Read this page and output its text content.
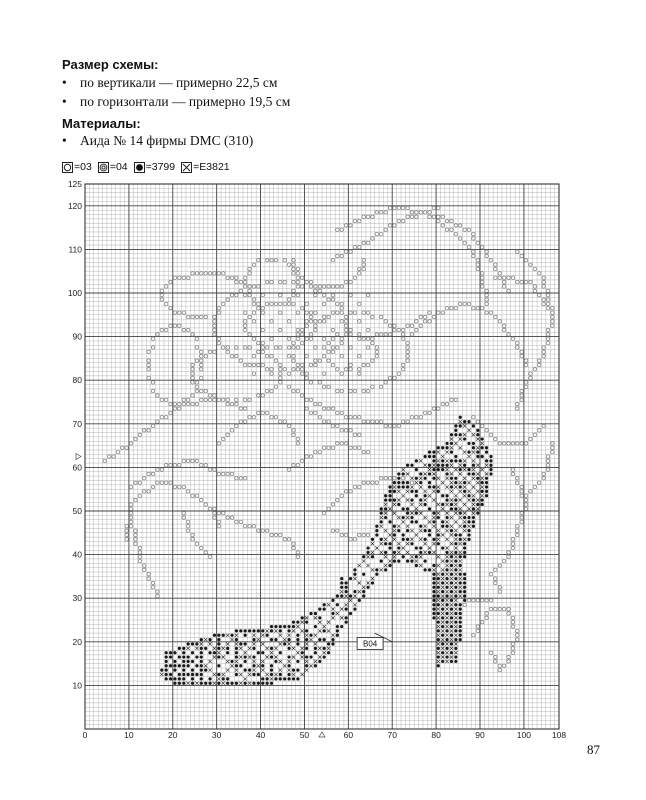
Размер схемы:
• по вертикали — примерно 22,5 см
• по горизонтали — примерно 19,5 см
Материалы:
• Аида № 14 фирмы DMC (310)
=03 =04 =3799 =E3821
B04
0	10	20	30	40	50	60	70	80	90	100 108
10
20
30
40
50
60
70
80
90
100
110
120
125
87
